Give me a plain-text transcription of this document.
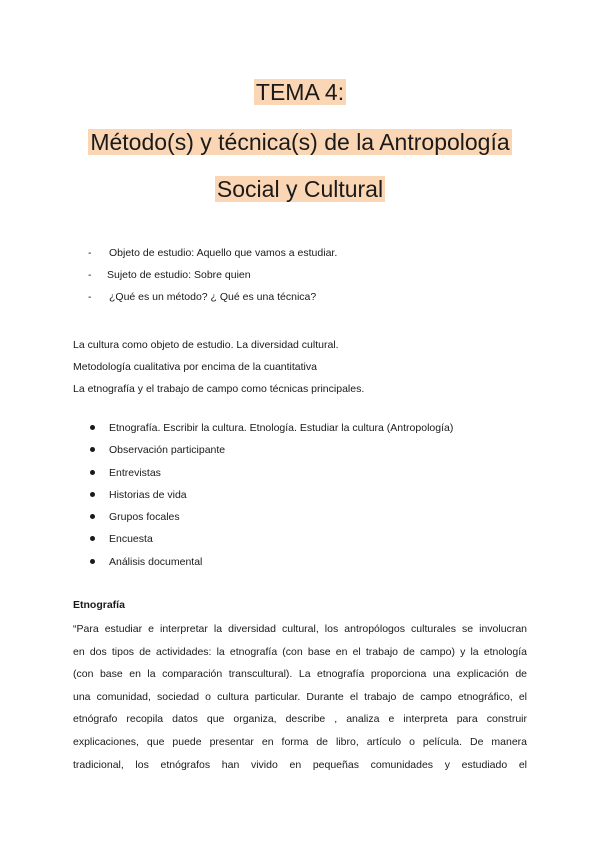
TEMA 4:
Método(s) y técnica(s) de la Antropología
Social y Cultural
- Objeto de estudio: Aquello que vamos a estudiar.
- Sujeto de estudio: Sobre quien
- ¿Qué es un método? ¿ Qué es una técnica?
La cultura como objeto de estudio. La diversidad cultural.
Metodología cualitativa por encima de la cuantitativa
La etnografía y el trabajo de campo como técnicas principales.
Etnografía. Escribir la cultura. Etnología. Estudiar la cultura (Antropología)
Observación participante
Entrevistas
Historias de vida
Grupos focales
Encuesta
Análisis documental
Etnografía
“Para estudiar e interpretar la diversidad cultural, los antropólogos culturales se involucran
en dos tipos de actividades: la etnografía (con base en el trabajo de campo) y la etnología
(con base en la comparación transcultural). La etnografía proporciona una explicación de
una comunidad, sociedad o cultura particular. Durante el trabajo de campo etnográfico, el
etnógrafo recopila datos que organiza, describe , analiza e interpreta para construir
explicaciones, que puede presentar en forma de libro, artículo o película. De manera
tradicional, los etnógrafos han vivido en pequeñas comunidades y estudiado el
